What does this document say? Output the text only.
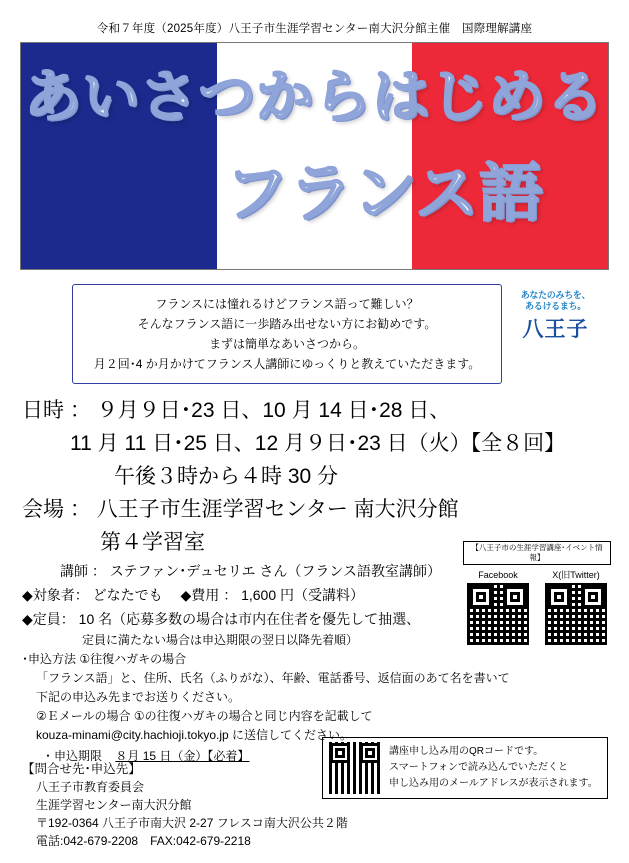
令和７年度（2025年度）八王子市生涯学習センター南大沢分館主催　国際理解講座
あいさつからはじめる
フランス語
フランスには憧れるけどフランス語って難しい？
そんなフランス語に一歩踏み出せない方にお勧めです。
まずは簡単なあいさつから。
月２回･4 か月かけてフランス人講師にゆっくりと教えていただきます。
あなたのみちを、
あるけるまち。
八王子
日時 ： ９月９日･23 日、10 月 14 日･28 日、
11 月 11 日･25 日、12 月９日･23 日（火）【全８回】
午後３時から４時 30 分
会場 ： 八王子市生涯学習センター 南大沢分館
第４学習室
講師 ： ステファン･デュセリエ さん（フランス語教室講師）
◆対象者： どなたでも　 ◆費用 ： 1,600 円（受講料）
◆定員： 10 名（応募多数の場合は市内在住者を優先して抽選、
定員に満たない場合は申込期限の翌日以降先着順）
･申込方法 ①往復ハガキの場合
「フランス語」と、住所、氏名（ふりがな）、年齢、電話番号、返信面のあて名を書いて
下記の申込み先までお送りください。
②Ｅメールの場合 ①の往復ハガキの場合と同じ内容を記載して
kouza-minami@city.hachioji.tokyo.jp に送信してください。
・申込期限 ８月 15 日（金）【必着】
【八王子市の生涯学習講座･イベント情報】
Facebook	X(旧Twitter)
講座申し込み用のQRコードです。
スマートフォンで読み込んでいただくと
申し込み用のメールアドレスが表示されます。
【問合せ先･申込先】
八王子市教育委員会
生涯学習センター南大沢分館
〒192-0364 八王子市南大沢 2-27 フレスコ南大沢公共２階
電話:042-679-2208　FAX:042-679-2218
